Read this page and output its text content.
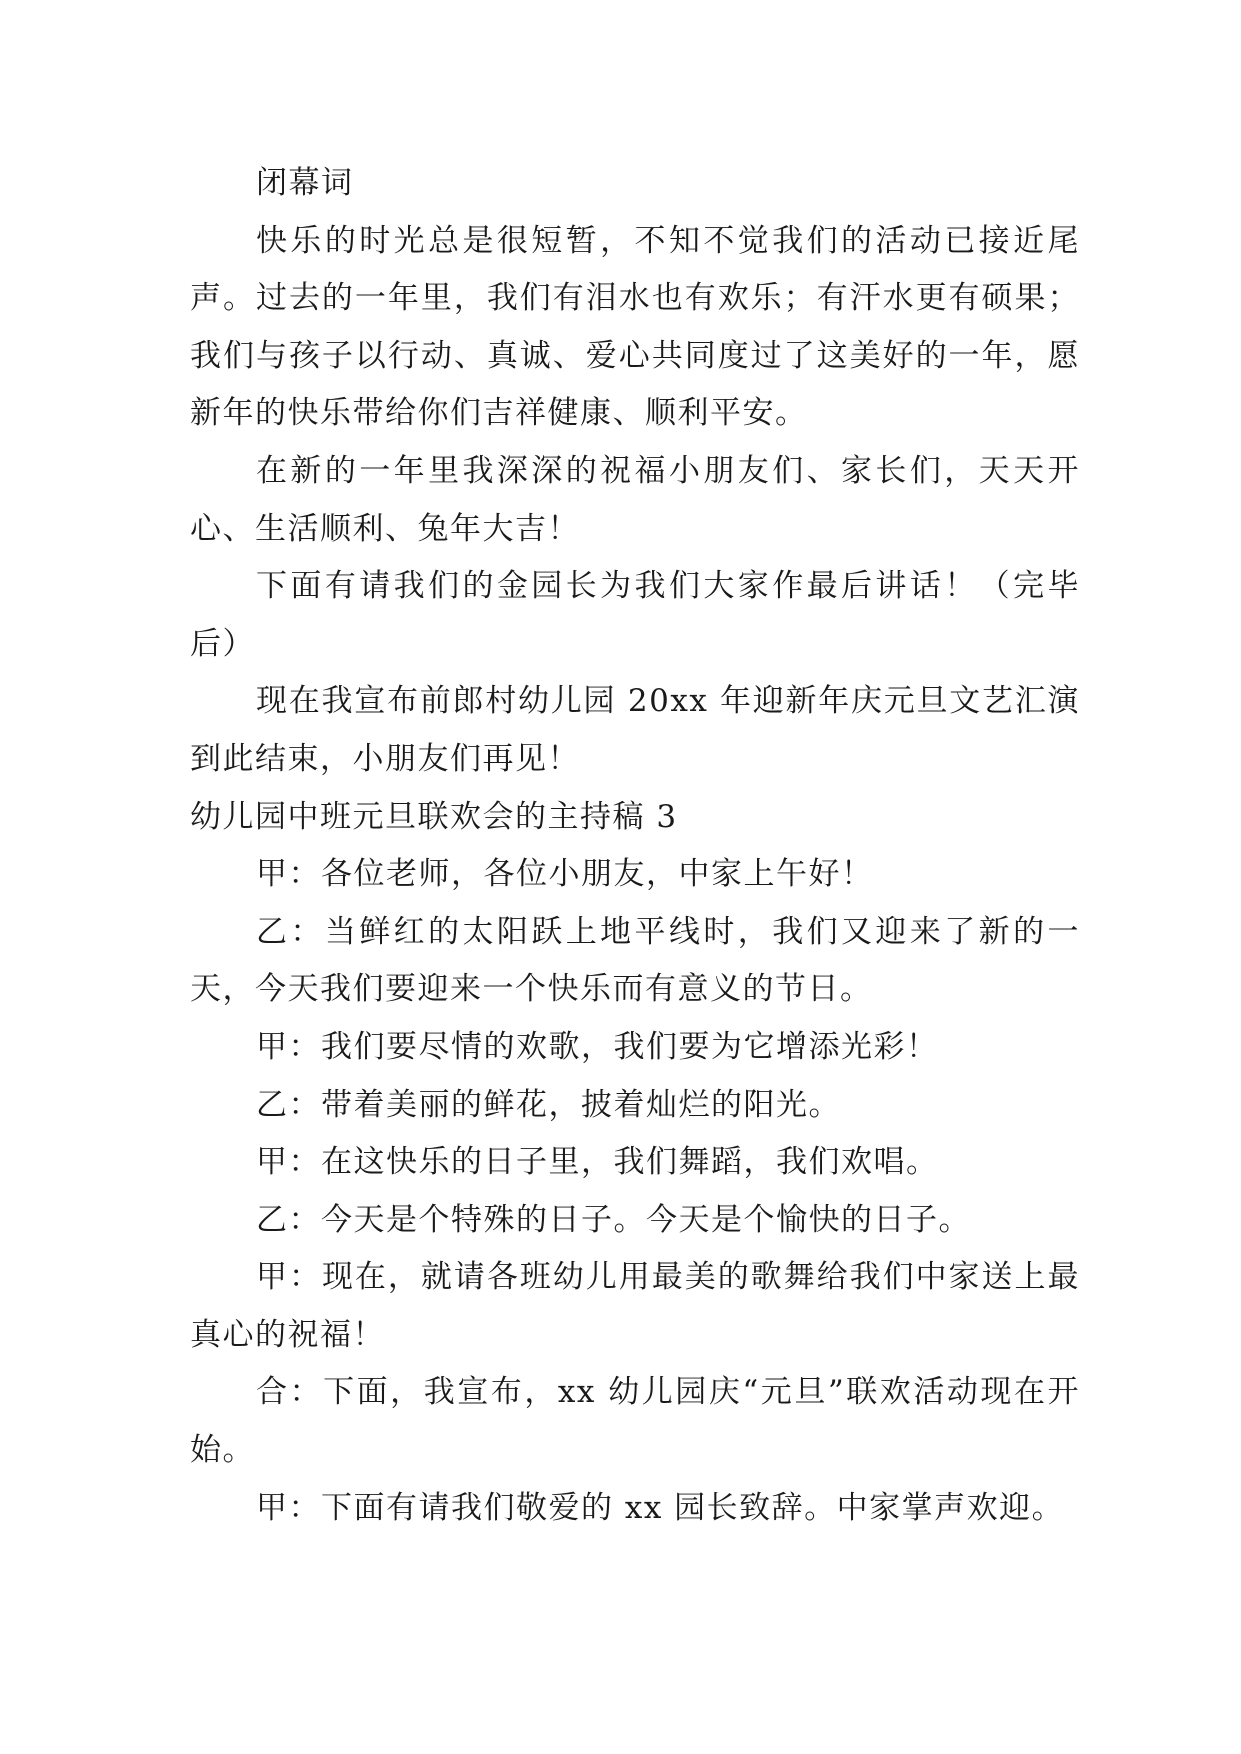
闭幕词

快乐的时光总是很短暂，不知不觉我们的活动已接近尾声。过去的一年里，我们有泪水也有欢乐；有汗水更有硕果；我们与孩子以行动、真诚、爱心共同度过了这美好的一年，愿新年的快乐带给你们吉祥健康、顺利平安。

在新的一年里我深深的祝福小朋友们、家长们，天天开心、生活顺利、兔年大吉！

下面有请我们的金园长为我们大家作最后讲话！（完毕后）

现在我宣布前郎村幼儿园 20xx 年迎新年庆元旦文艺汇演到此结束，小朋友们再见！

幼儿园中班元旦联欢会的主持稿 3

甲：各位老师，各位小朋友，中家上午好！

乙：当鲜红的太阳跃上地平线时，我们又迎来了新的一天，今天我们要迎来一个快乐而有意义的节日。

甲：我们要尽情的欢歌，我们要为它增添光彩！

乙：带着美丽的鲜花，披着灿烂的阳光。

甲：在这快乐的日子里，我们舞蹈，我们欢唱。

乙：今天是个特殊的日子。今天是个愉快的日子。

甲：现在，就请各班幼儿用最美的歌舞给我们中家送上最真心的祝福！

合：下面，我宣布，xx 幼儿园庆“元旦”联欢活动现在开始。

甲：下面有请我们敬爱的 xx 园长致辞。中家掌声欢迎。
